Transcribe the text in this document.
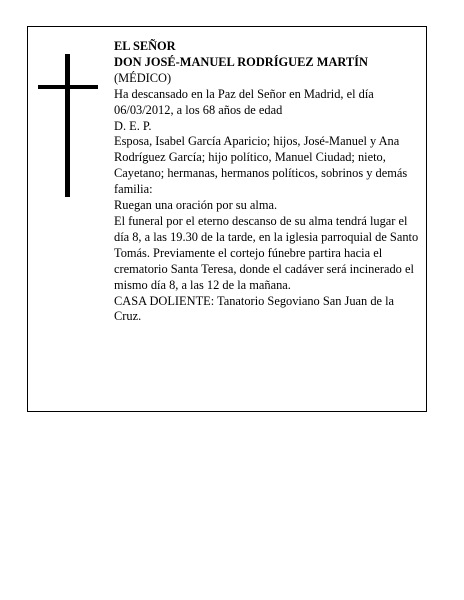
EL SEÑOR

DON JOSÉ-MANUEL RODRÍGUEZ MARTÍN

(MÉDICO)

Ha descansado en la Paz del Señor en Madrid, el día 06/03/2012, a los 68 años de edad

D. E. P.

Esposa, Isabel García Aparicio; hijos, José-Manuel y Ana Rodríguez García; hijo político, Manuel Ciudad; nieto, Cayetano; hermanas, hermanos políticos, sobrinos y demás familia:

Ruegan una oración por su alma.

El funeral por el eterno descanso de su alma tendrá lugar el día 8, a las 19.30 de la tarde, en la iglesia parroquial de Santo Tomás. Previamente el cortejo fúnebre partira hacia el crematorio Santa Teresa, donde el cadáver será incinerado el mismo día 8, a las 12 de la mañana.

CASA DOLIENTE: Tanatorio Segoviano San Juan de la Cruz.
